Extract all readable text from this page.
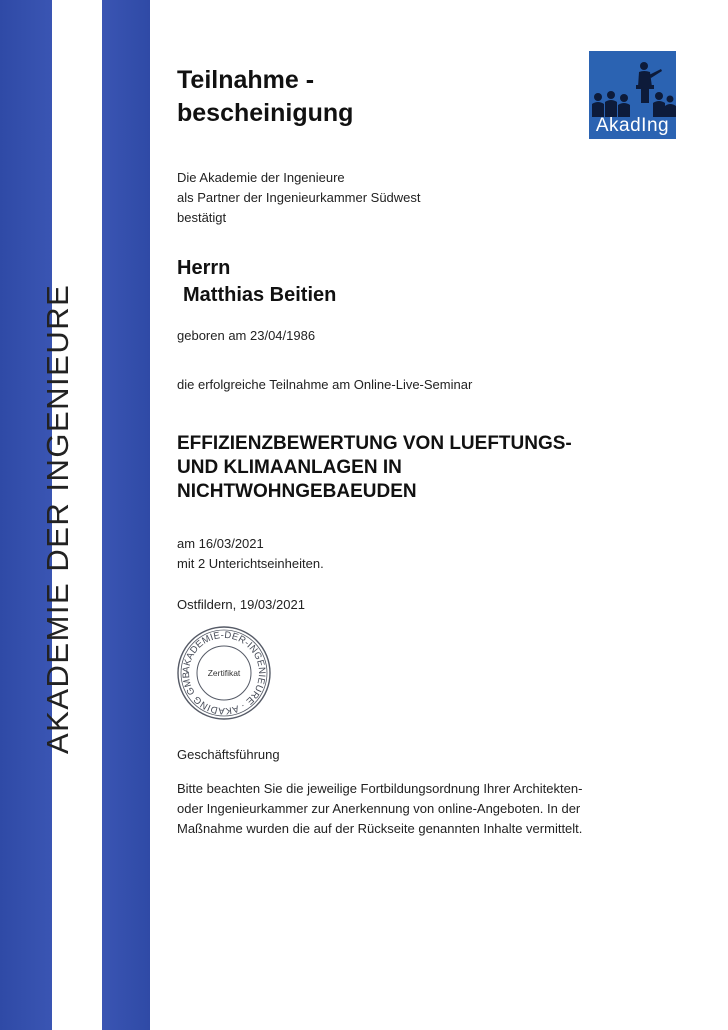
AKADEMIE DER INGENIEURE
AkadIng
Teilnahme -
bescheinigung
Die Akademie der Ingenieure
als Partner der Ingenieurkammer Südwest
bestätigt
Herrn
Matthias Beitien
geboren am 23/04/1986
die erfolgreiche Teilnahme am Online-Live-Seminar
EFFIZIENZBEWERTUNG VON LUEFTUNGS-
UND KLIMAANLAGEN IN
NICHTWOHNGEBAEUDEN
am 16/03/2021
mit 2 Unterichtseinheiten.
Ostfildern, 19/03/2021
AKADEMIE-DER-INGENIEURE · AKADING GMB	Zertifikat
Geschäftsführung
Bitte beachten Sie die jeweilige Fortbildungsordnung Ihrer Architekten-
oder Ingenieurkammer zur Anerkennung von online-Angeboten. In der
Maßnahme wurden die auf der Rückseite genannten Inhalte vermittelt.
